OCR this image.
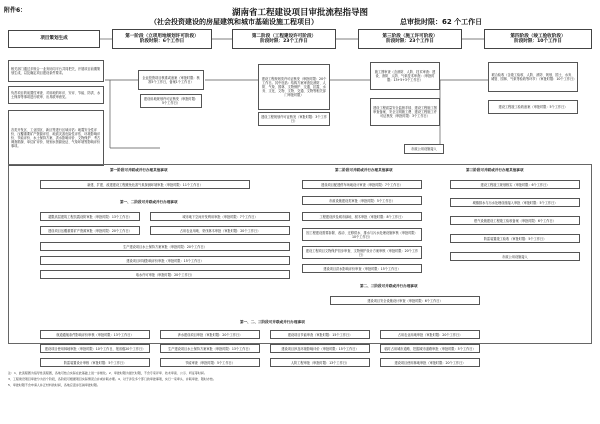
附件6：	湖南省工程建设项目审批流程指导图
（社会投资建设的房屋建筑和城市基础设施工程项目）	总审批时限：62 个工作日
项目策划生成
第一阶段（立项用地规划许可阶段）
阶段时限：6个工作日
第二阶段（工程建设许可阶段）
阶段时限：23个工作日
第三阶段（施工许可阶段）
阶段时限：23个工作日
第四阶段（竣工验收阶段）
阶段时限：10个工作日
相关部门通过多规合一业务协同平台共同把关，开展项目前期策划生成，以及确定项目建设条件要求。
负责项目的前置性审查、对用地的环评、安评、节能、防洪、水土保持等事项进行联审、出具联审意见。
各类开发区、工业园区、新区等进行区域评估：地震安全性评价、压覆重要矿产资源评估、地质灾害危险性评估、环境影响评价、节能评价、水土保持方案、洪水影响评价、文物保护、考古调查勘探、单位矿评价、规划水资源论证、气象环境等影响评价事项。
企业投资项目核准或备案（审批时限：核准5个工作日，备案1个工作日）
建设用地规划许可证核发（审批时限：5个工作日）
建设工程规划类许可证核发（审批时限：20个工作日。其中包括：结构方案审查及消防、人防、气象、园林、文物保护、交通、抗震、水务、文化、文物、文物、交通、文物等相关部门审批时限）
建设工程规划许可证核发（审批时限：3个工作日）
施工图审查（含消防、人防、技术审查：建设、消防、人防、气象技术审查）（审批时限：13+5+3个工作日）
建设工程质量安全监督手续、建设工程施工图审查备案、安全文明施工费、建设工程施工许可证核发（审批时限：3个工作日）
联合验收（含竣工验收、人防、消防、规划、国土、水务、城管、园林、气象等验收等环节）（审批时限：10个工作日）
建设工程竣工验收备案（审批时限：5个工作日）
市政公用设施接入
第一阶段可并联或并行办理其他事项
新建、扩建、改建建设工程避免危害气象探测环境审批（审批时限：11个工作日）
第二阶段可并联或并行办理其他事项
建设项目配建停车场地设计审查（审批时限：7个工作日）
市政设施建设类审批（审批时限：5个工作日）
工程建设涉及城市绿地、树木审批（审批时限：8个工作日）
因工程建设需要拆除、改动、迁移供水、排水与污水处理设施审核（审批时限：10个工作日）
建设工程项目文物保护初步审查、文物保护设计方案审核（审批时限：20个工作日）
建设项目洪水影响评价审查（审批时限：15个工作日）
第三阶段可并联或并行办理其他事项
建设工程竣工规划核实（审批时限：6个工作日）
城镇排水与污水处理设施接入审批（审批时限：5个工作日）
燃气设施建设工程竣工验收备案（审批时限：6个工作日）
防雷装置竣工验收（审批时限：5个工作日）
市政公用设施接入
第一、二阶段可并联或并行办理事项
超限高层建筑工程抗震设防审批（审批时限：13个工作日）	城市地下空间开发利用审批（审批时限：7个工作日）
建设项目压覆重要矿产资源审批（审批时限：20个工作日）	占用农业用地、采伐林木审批（审批时限：20个工作日）
生产建设项目水土保持方案审批（审批时限：20个工作日）
建设项目环境影响评价审批（审批时限：15个工作日）
取水许可审批（审批时限：20个工作日）
第二、三阶段可并联或并行办理事项
建设项目安全设施设计审查（审批时限：6个工作日）
第一、二、三阶段可并联或并行办理事项
航道通航条件影响评价审核（审批时限：13个工作日）	涉水建设项目审批（审批时限：20个工作日）	建设项目节能审查（审批时限：15个工作日）	占用农业用地审批（审批时限：20个工作日）
建设项目使用林地审批（审批时限：10个工作日，报省级20个工作日）	生产建设项目水土保持方案审批（审批时限：13个工作日）	建设项目涉及环境影响评价（审批时限：15个工作日）	临时占用城市道路、挖掘城市道路审批（审批时限：5个工作日）
防雷装置设计审核（审批时限：5个工作日）	节能审查（审批时限：5个工作日）	人防工程审批（审批时限：13个工作日）	建设项目使用林地审批（审批时限：20个工作日）
注：1、此流程图为指导性流程图，各地可结合实际在此基础上进一步细化。2、审批时限为最长时限，不含专家评审、技术审查、公示、听证等时间。
3、工程建设项目审批分为四个阶段，各阶段可根据项目实际情况合并或并联办理。4、对于涉及多个部门的审批事项，实行一家牵头、并联审批、限时办结。
5、审批时限不含申请人补正材料的时间，各地应逐步压减审批时限。
